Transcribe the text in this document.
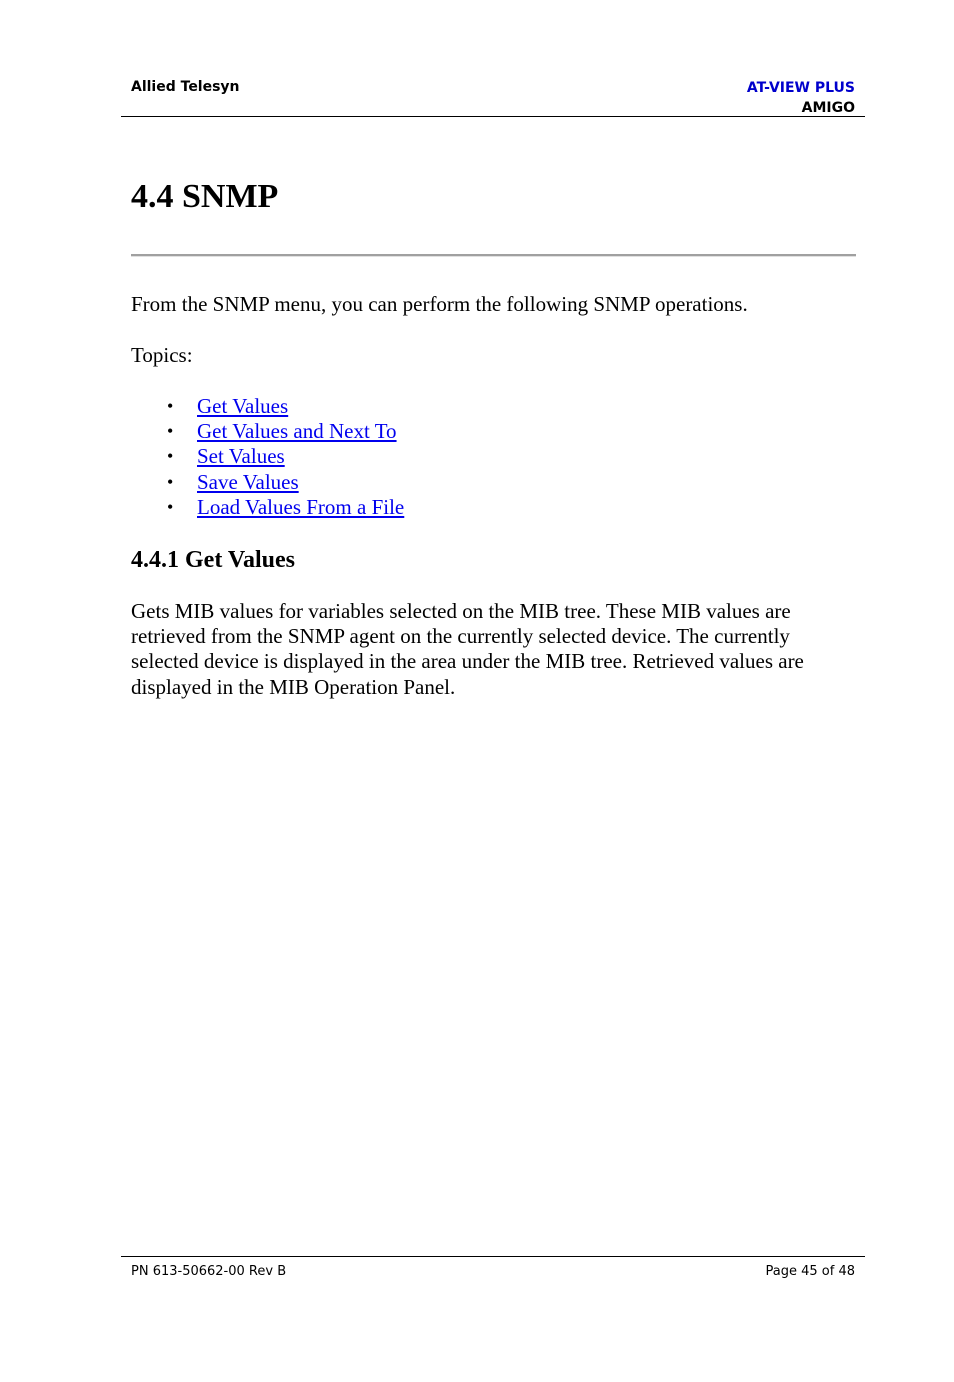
Allied Telesyn	AT-VIEW PLUS
AMIGO
4.4 SNMP

From the SNMP menu, you can perform the following SNMP operations.

Topics:

• Get Values
• Get Values and Next To
• Set Values
• Save Values
• Load Values From a File
4.4.1 Get Values

Gets MIB values for variables selected on the MIB tree. These MIB values are retrieved from the SNMP agent on the currently selected device. The currently selected device is displayed in the area under the MIB tree. Retrieved values are displayed in the MIB Operation Panel.

PN 613-50662-00 Rev B	Page 45 of 48
